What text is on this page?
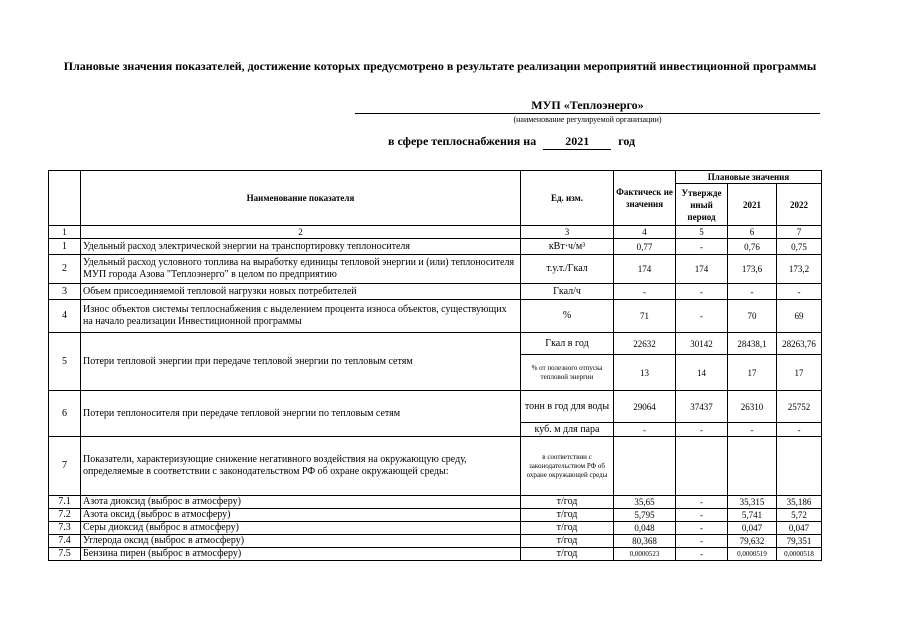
Плановые значения показателей, достижение которых предусмотрено в результате реализации мероприятий инвестиционной программы
МУП «Теплоэнерго»
(наименование регулируемой организации)
в сфере теплоснабжения на 2021 год
	Наименование показателя	Ед. изм.	Фактическ ие значения	Плановые значения		
				Утвержде нный период	2021	2022
1	2	3	4	5	6	7
1	Удельный расход электрической энергии на транспортировку теплоносителя	кВт·ч/м³	0,77	-	0,76	0,75
2	Удельный расход условного топлива на выработку единицы тепловой энергии и (или) теплоносителя МУП города Азова "Теплоэнерго" в целом по предприятию	т.у.т./Гкал	174	174	173,6	173,2
3	Объем присоединяемой тепловой нагрузки новых потребителей	Гкал/ч	-	-	-	-
4	Износ объектов системы теплоснабжения с выделением процента износа объектов, существующих на начало реализации Инвестиционной программы	%	71	-	70	69
5	Потери тепловой энергии при передаче тепловой энергии по тепловым сетям	Гкал в год	22632	30142	28438,1	28263,76
		% от полезного отпуска тепловой энергии	13	14	17	17
6	Потери теплоносителя при передаче тепловой энергии по тепловым сетям	тонн в год для воды	29064	37437	26310	25752
		куб. м для пара	-	-	-	-
7	Показатели, характеризующие снижение негативного воздействия на окружающую среду, определяемые в соответствии с законодательством РФ об охране окружающей среды:	в соответствии с законодательством РФ об охране окружающей среды				
7.1	Азота диоксид (выброс в атмосферу)	т/год	35,65	-	35,315	35,186
7.2	Азота оксид (выброс в атмосферу)	т/год	5,795	-	5,741	5,72
7.3	Серы диоксид (выброс в атмосферу)	т/год	0,048	-	0,047	0,047
7.4	Углерода оксид (выброс в атмосферу)	т/год	80,368	-	79,632	79,351
7.5	Бензина пирен (выброс в атмосферу)	т/год	0,0000523	-	0,0000519	0,0000518
